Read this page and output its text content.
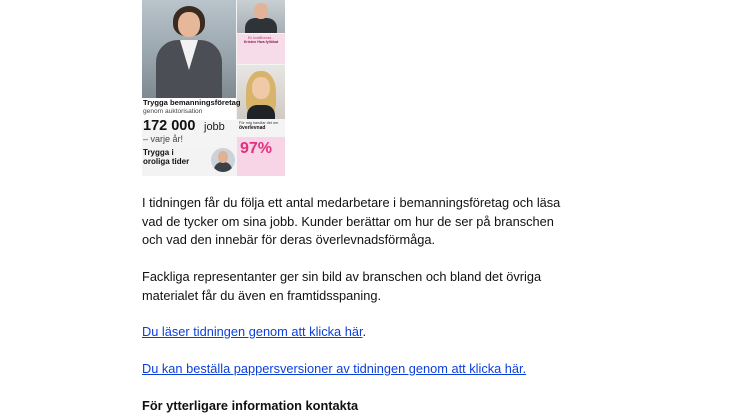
En kvalificerad...
Kristen Hwa fyllökat
Trygga bemanningsföretag
genom auktorisation
172 000 jobb
– varje år!
För mig handlar det om
överlevnad
Trygga i oroliga tider
97%

I tidningen får du följa ett antal medarbetare i bemanningsföretag och läsa
vad de tycker om sina jobb. Kunder berättar om hur de ser på branschen
och vad den innebär för deras överlevnadsförmåga.

Fackliga representanter ger sin bild av branschen och bland det övriga
materialet får du även en framtidsspaning.

Du läser tidningen genom att klicka här.

Du kan beställa pappersversioner av tidningen genom att klicka här.

För ytterligare information kontakta
